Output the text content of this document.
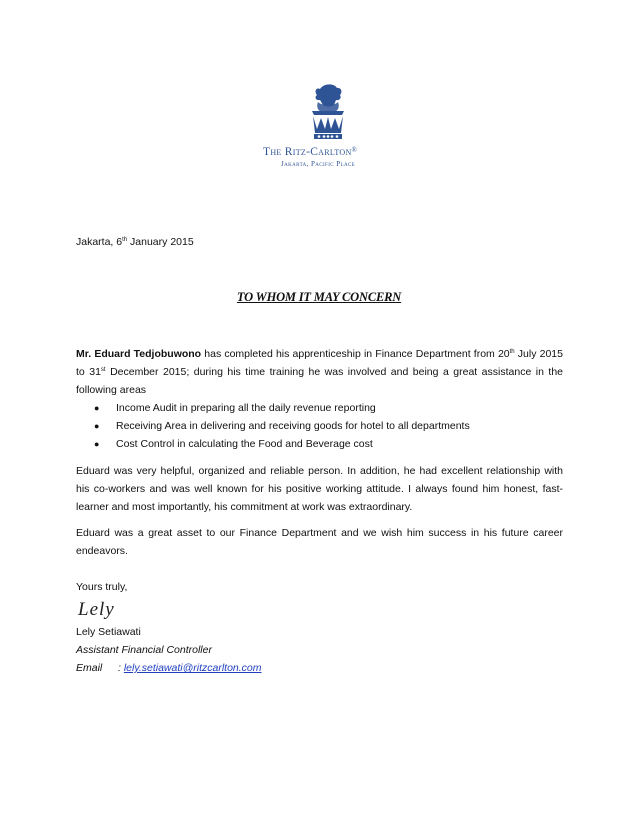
The Ritz-Carlton®
Jakarta, Pacific Place
Jakarta, 6th January 2015
TO WHOM IT MAY CONCERN
Mr. Eduard Tedjobuwono has completed his apprenticeship in Finance Department from 20th July 2015 to 31st December 2015; during his time training he was involved and being a great assistance in the following areas
●	Income Audit in preparing all the daily revenue reporting
●	Receiving Area in delivering and receiving goods for hotel to all departments
●	Cost Control in calculating the Food and Beverage cost
Eduard was very helpful, organized and reliable person. In addition, he had excellent relationship with his co-workers and was well known for his positive working attitude. I always found him honest, fast-learner and most importantly, his commitment at work was extraordinary.
Eduard was a great asset to our Finance Department and we wish him success in his future career endeavors.
Yours truly,
Lely
Lely Setiawati
Assistant Financial Controller
Email : lely.setiawati@ritzcarlton.com
